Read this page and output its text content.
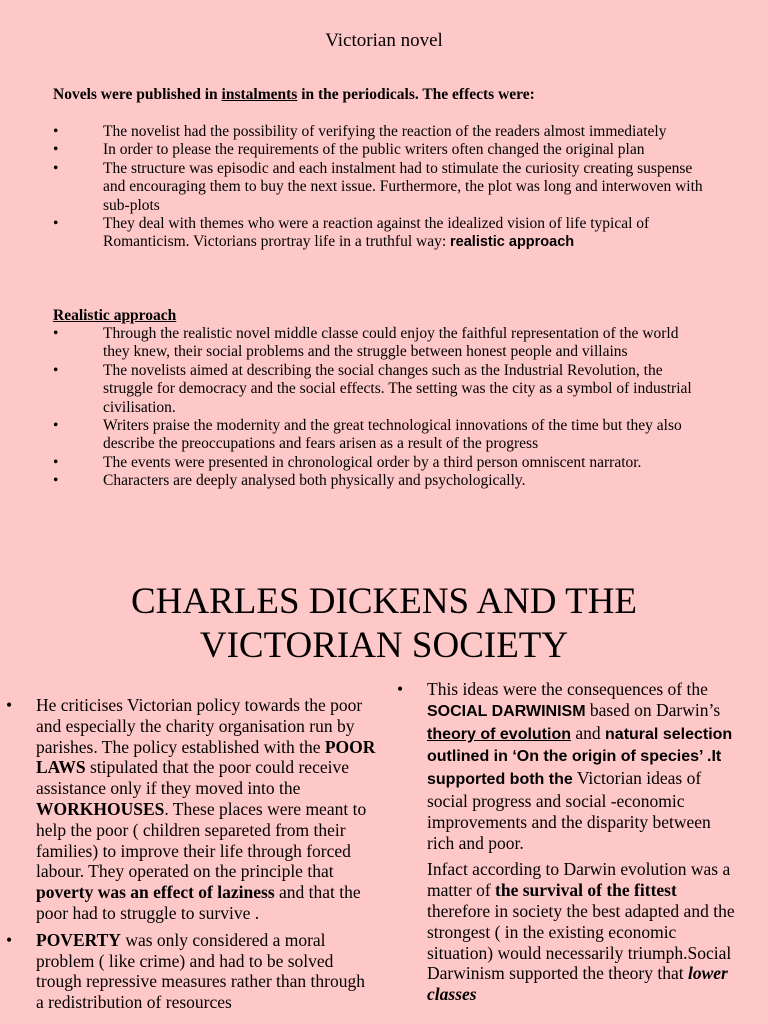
Victorian novel
Novels were published in instalments in the periodicals. The effects were:
•	The novelist had the possibility of verifying the reaction of the readers almost immediately
•	In order to please the requirements of the public writers often changed the original plan
•	The structure was episodic and each instalment had to stimulate the curiosity creating suspense and encouraging them to buy the next issue. Furthermore, the plot was long and interwoven with sub-plots
•	They deal with themes who were a reaction against the idealized vision of life typical of Romanticism. Victorians prortray life in a truthful way: realistic approach
Realistic approach
•	Through the realistic novel middle classe could enjoy the faithful representation of the world they knew, their social problems and the struggle between honest people and villains
•	The novelists aimed at describing the social changes such as the Industrial Revolution, the struggle for democracy and the social effects. The setting was the city as a symbol of industrial civilisation.
•	Writers praise the modernity and the great technological innovations of the time but they also describe the preoccupations and fears arisen as a result of the progress
•	The events were presented in chronological order by a third person omniscent narrator.
•	Characters are deeply analysed both physically and psychologically.
CHARLES DICKENS AND THE
VICTORIAN SOCIETY
• He criticises Victorian policy towards the poor and especially the charity organisation run by parishes. The policy established with the POOR LAWS stipulated that the poor could receive assistance only if they moved into the WORKHOUSES. These places were meant to help the poor ( children separeted from their families) to improve their life through forced labour. They operated on the principle that poverty was an effect of laziness and that the poor had to struggle to survive .
• POVERTY was only considered a moral problem ( like crime) and had to be solved trough repressive measures rather than through a redistribution of resources
• This ideas were the consequences of the SOCIAL DARWINISM based on Darwin’s theory of evolution and natural selection outlined in ‘On the origin of species’ .It supported both the Victorian ideas of social progress and social -economic improvements and the disparity between rich and poor.

Infact according to Darwin evolution was a matter of the survival of the fittest therefore in society the best adapted and the strongest ( in the existing economic situation) would necessarily triumph.Social Darwinism supported the theory that lower classes
